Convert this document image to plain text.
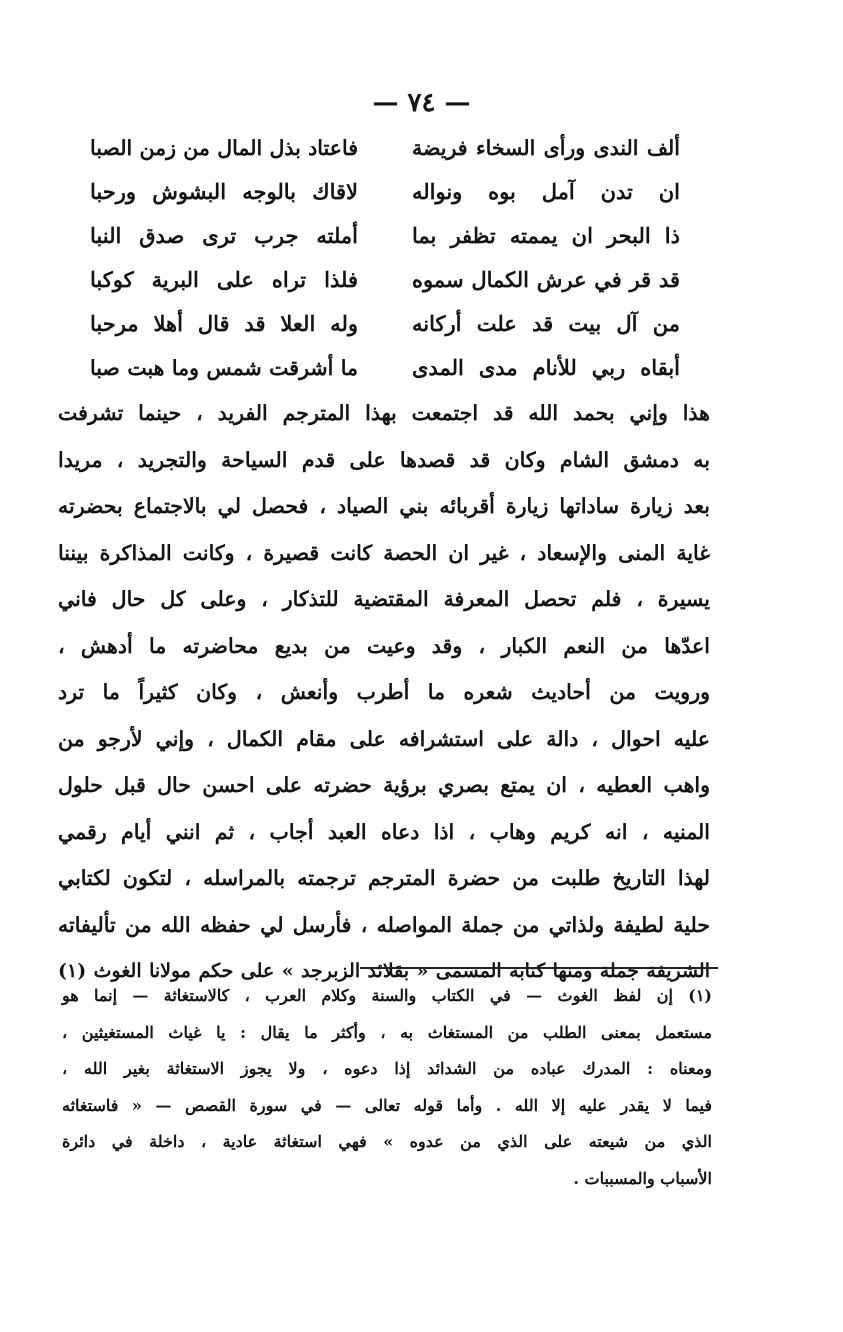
— ٧٤ —
ألف الندى ورأى السخاء فريضة
فاعتاد بذل المال من زمن الصبا
ان تدن آمل بوه ونواله
لاقاك بالوجه البشوش ورحبا
ذا البحر ان يممته تظفر بما
أملته جرب ترى صدق النبا
قد قر في عرش الكمال سموه
فلذا تراه على البرية كوكبا
من آل بيت قد علت أركانه
وله العلا قد قال أهلا مرحبا
أبقاه ربي للأنام مدى المدى
ما أشرقت شمس وما هبت صبا
هذا وإني بحمد الله قد اجتمعت بهذا المترجم الفريد ، حينما تشرفت
به دمشق الشام وكان قد قصدها على قدم السياحة والتجريد ، مريدا
بعد زيارة ساداتها زيارة أقربائه بني الصياد ، فحصل لي بالاجتماع بحضرته
غاية المنى والإسعاد ، غير ان الحصة كانت قصيرة ، وكانت المذاكرة بيننا
يسيرة ، فلم تحصل المعرفة المقتضية للتذكار ، وعلى كل حال فاني
اعدّها من النعم الكبار ، وقد وعيت من بديع محاضرته ما أدهش ،
ورويت من أحاديث شعره ما أطرب وأنعش ، وكان كثيراً ما ترد
عليه احوال ، دالة على استشرافه على مقام الكمال ، وإني لأرجو من
واهب العطيه ، ان يمتع بصري برؤية حضرته على احسن حال قبل حلول
المنيه ، انه كريم وهاب ، اذا دعاه العبد أجاب ، ثم انني أيام رقمي
لهذا التاريخ طلبت من حضرة المترجم ترجمته بالمراسله ، لتكون لكتابي
حلية لطيفة ولذاتي من جملة المواصله ، فأرسل لي حفظه الله من تأليفاته
الشريفة جملة ومنها كتابه المسمى « بقلائد الزبرجد » على حكم مولانا الغوث (١)
(١) إن لفظ الغوث — في الكتاب والسنة وكلام العرب ، كالاستغاثة — إنما هو
مستعمل بمعنى الطلب من المستغاث به ، وأكثر ما يقال : يا غياث المستغيثين ،
ومعناه : المدرك عباده من الشدائد إذا دعوه ، ولا يجوز الاستغاثة بغير الله ،
فيما لا يقدر عليه إلا الله . وأما قوله تعالى — في سورة القصص — « فاستغاثه
الذي من شيعته على الذي من عدوه » فهي استغاثة عادية ، داخلة في دائرة
الأسباب والمسببات .
